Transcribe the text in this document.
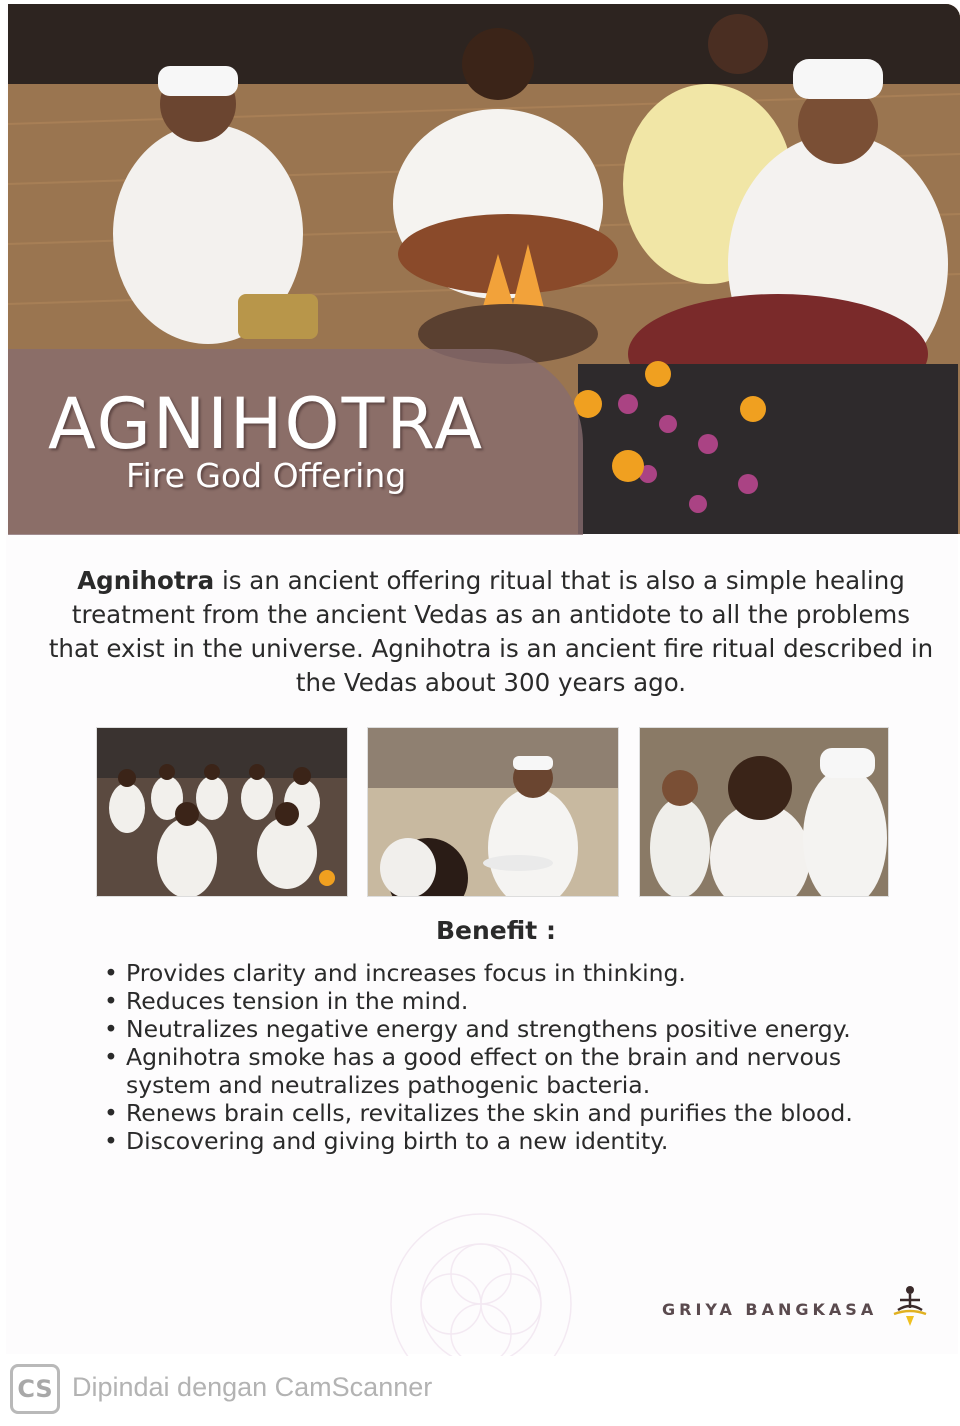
AGNIHOTRA

Fire God Offering

Agnihotra is an ancient offering ritual that is also a simple healing treatment from the ancient Vedas as an antidote to all the problems that exist in the universe. Agnihotra is an ancient fire ritual described in the Vedas about 300 years ago.

Benefit :
• Provides clarity and increases focus in thinking.
• Reduces tension in the mind.
• Neutralizes negative energy and strengthens positive energy.
• Agnihotra smoke has a good effect on the brain and nervous system and neutralizes pathogenic bacteria.
• Renews brain cells, revitalizes the skin and purifies the blood.
• Discovering and giving birth to a new identity.
GRIYA BANGKASA
CS Dipindai dengan CamScanner
